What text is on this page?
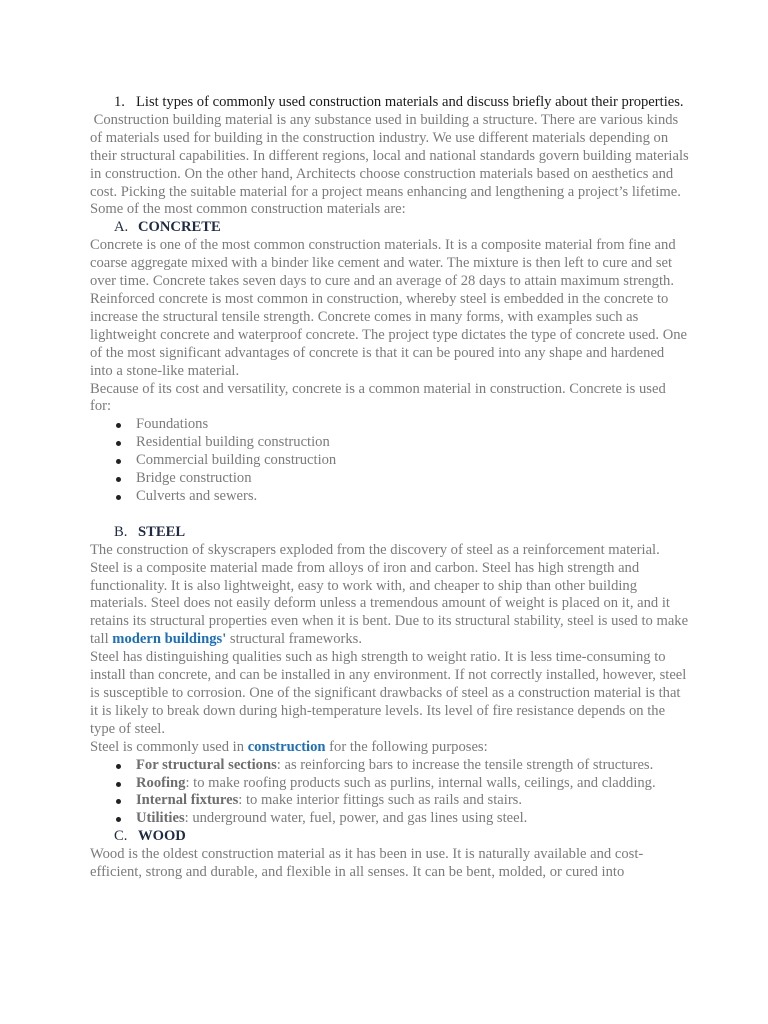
1. List types of commonly used construction materials and discuss briefly about their properties.

Construction building material is any substance used in building a structure. There are various kinds of materials used for building in the construction industry. We use different materials depending on their structural capabilities. In different regions, local and national standards govern building materials in construction. On the other hand, Architects choose construction materials based on aesthetics and cost. Picking the suitable material for a project means enhancing and lengthening a project’s lifetime. Some of the most common construction materials are:

A. CONCRETE

Concrete is one of the most common construction materials. It is a composite material from fine and coarse aggregate mixed with a binder like cement and water. The mixture is then left to cure and set over time. Concrete takes seven days to cure and an average of 28 days to attain maximum strength. Reinforced concrete is most common in construction, whereby steel is embedded in the concrete to increase the structural tensile strength. Concrete comes in many forms, with examples such as lightweight concrete and waterproof concrete. The project type dictates the type of concrete used. One of the most significant advantages of concrete is that it can be poured into any shape and hardened into a stone-like material.

Because of its cost and versatility, concrete is a common material in construction. Concrete is used for:

Foundations
Residential building construction
Commercial building construction
Bridge construction
Culverts and sewers.

B. STEEL

The construction of skyscrapers exploded from the discovery of steel as a reinforcement material. Steel is a composite material made from alloys of iron and carbon. Steel has high strength and functionality. It is also lightweight, easy to work with, and cheaper to ship than other building materials. Steel does not easily deform unless a tremendous amount of weight is placed on it, and it retains its structural properties even when it is bent. Due to its structural stability, steel is used to make tall modern buildings' structural frameworks.

Steel has distinguishing qualities such as high strength to weight ratio. It is less time-consuming to install than concrete, and can be installed in any environment. If not correctly installed, however, steel is susceptible to corrosion. One of the significant drawbacks of steel as a construction material is that it is likely to break down during high-temperature levels. Its level of fire resistance depends on the type of steel.

Steel is commonly used in construction for the following purposes:

For structural sections: as reinforcing bars to increase the tensile strength of structures.
Roofing: to make roofing products such as purlins, internal walls, ceilings, and cladding.
Internal fixtures: to make interior fittings such as rails and stairs.
Utilities: underground water, fuel, power, and gas lines using steel.

C. WOOD

Wood is the oldest construction material as it has been in use. It is naturally available and cost-efficient, strong and durable, and flexible in all senses. It can be bent, molded, or cured into
